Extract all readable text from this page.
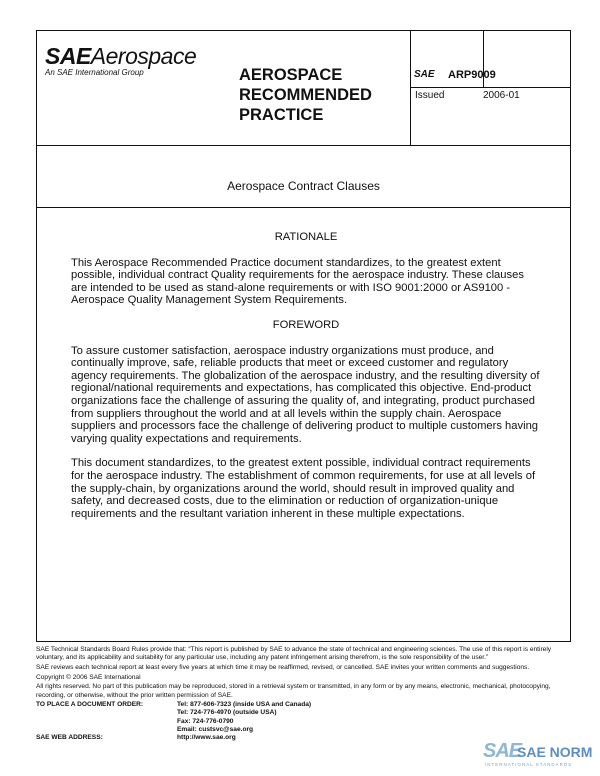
SAEAerospace
An SAE International Group	AEROSPACE RECOMMENDED PRACTICE
SAE ARP9009
Issued	2006-01
Aerospace Contract Clauses

RATIONALE

This Aerospace Recommended Practice document standardizes, to the greatest extent possible, individual contract Quality requirements for the aerospace industry. These clauses are intended to be used as stand-alone requirements or with ISO 9001:2000 or AS9100 - Aerospace Quality Management System Requirements.

FOREWORD

To assure customer satisfaction, aerospace industry organizations must produce, and continually improve, safe, reliable products that meet or exceed customer and regulatory agency requirements. The globalization of the aerospace industry, and the resulting diversity of regional/national requirements and expectations, has complicated this objective. End-product organizations face the challenge of assuring the quality of, and integrating, product purchased from suppliers throughout the world and at all levels within the supply chain. Aerospace suppliers and processors face the challenge of delivering product to multiple customers having varying quality expectations and requirements.

This document standardizes, to the greatest extent possible, individual contract requirements for the aerospace industry. The establishment of common requirements, for use at all levels of the supply-chain, by organizations around the world, should result in improved quality and safety, and decreased costs, due to the elimination or reduction of organization-unique requirements and the resultant variation inherent in these multiple expectations.

SAE Technical Standards Board Rules provide that: “This report is published by SAE to advance the state of technical and engineering sciences. The use of this report is entirely voluntary, and its applicability and suitability for any particular use, including any patent infringement arising therefrom, is the sole responsibility of the user.”

SAE reviews each technical report at least every five years at which time it may be reaffirmed, revised, or cancelled. SAE invites your written comments and suggestions.

Copyright © 2006 SAE International

All rights reserved. No part of this publication may be reproduced, stored in a retrieval system or transmitted, in any form or by any means, electronic, mechanical, photocopying, recording, or otherwise, without the prior written permission of SAE.

TO PLACE A DOCUMENT ORDER:	Tel: 877-606-7323 (inside USA and Canada)
Tel: 724-776-4970 (outside USA)
Fax: 724-776-0790
Email: custsvc@sae.org
SAE WEB ADDRESS:	http://www.sae.org
SAE
SAE NORM
INTERNATIONAL STANDARDS
